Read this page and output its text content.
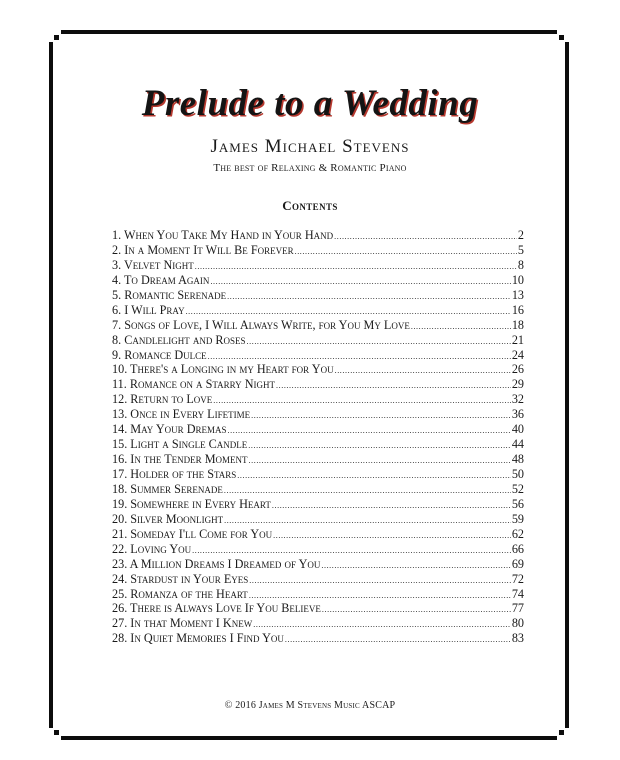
Prelude to a Wedding
James Michael Stevens
The best of Relaxing & Romantic Piano
Contents
1. When You Take My Hand in Your Hand .....	2
2. In a Moment It Will Be Forever .....	5
3. Velvet Night .....	8
4. To Dream Again .....	10
5. Romantic Serenade .....	13
6. I Will Pray .....	16
7. Songs of Love, I Will Always Write, for You My Love .....	18
8. Candlelight and Roses .....	21
9. Romance Dulce .....	24
10. There's a Longing in my Heart for You .....	26
11. Romance on a Starry Night .....	29
12. Return to Love .....	32
13. Once in Every Lifetime .....	36
14. May Your Dremas .....	40
15. Light a Single Candle .....	44
16. In the Tender Moment .....	48
17. Holder of the Stars .....	50
18. Summer Serenade .....	52
19. Somewhere in Every Heart .....	56
20. Silver Moonlight .....	59
21. Someday I'll Come for You .....	62
22. Loving You .....	66
23. A Million Dreams I Dreamed of You .....	69
24. Stardust in Your Eyes .....	72
25. Romanza of the Heart .....	74
26. There is Always Love If You Believe .....	77
27. In that Moment I Knew .....	80
28. In Quiet Memories I Find You .....	83
© 2016 James M Stevens Music ASCAP
